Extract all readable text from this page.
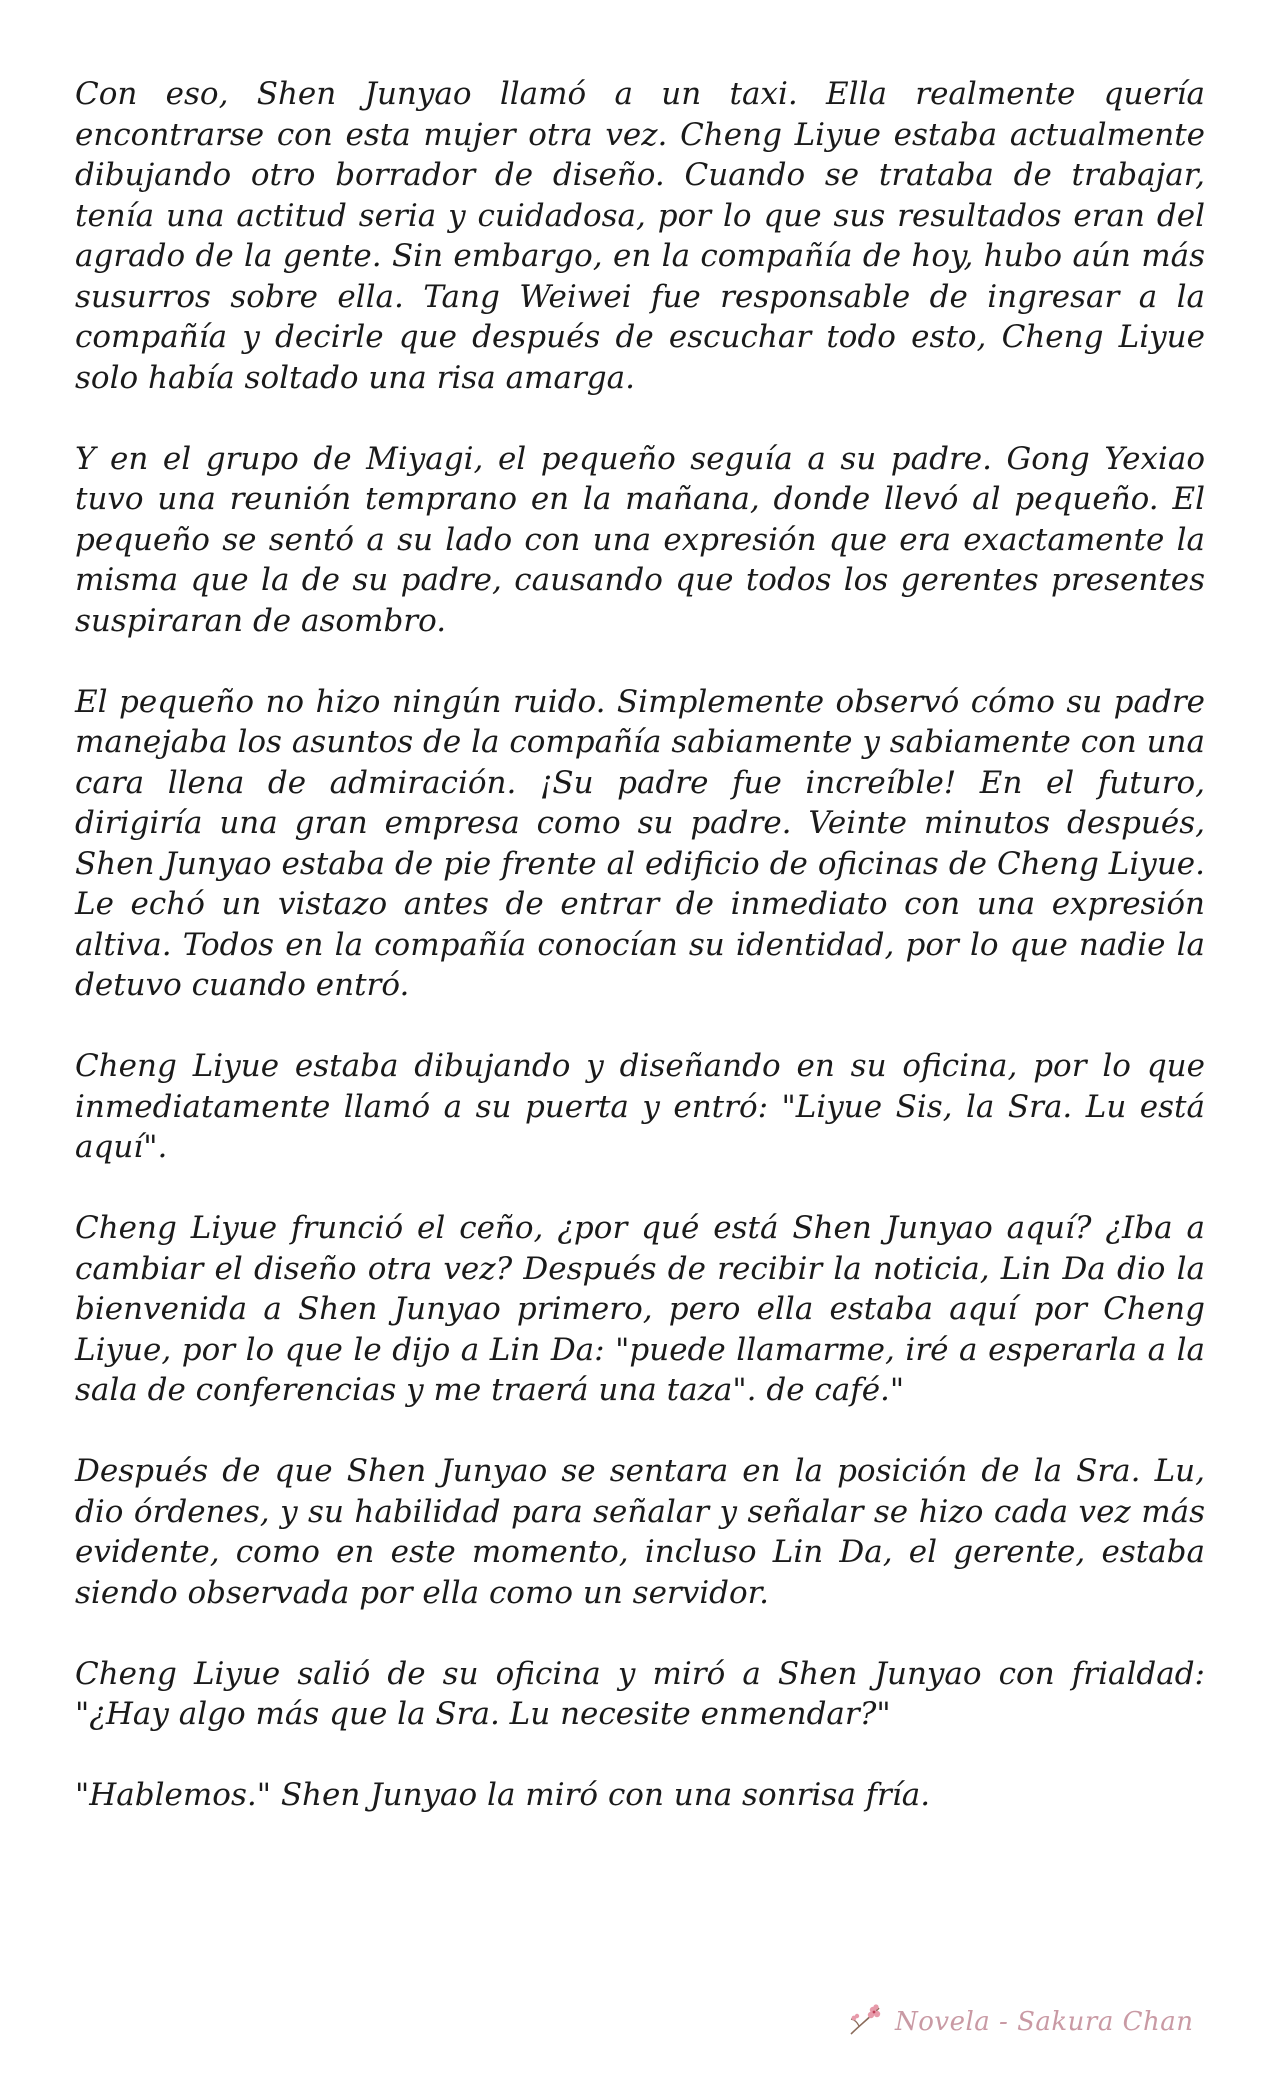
Con eso, Shen Junyao llamó a un taxi. Ella realmente quería encontrarse con esta mujer otra vez. Cheng Liyue estaba actualmente dibujando otro borrador de diseño. Cuando se trataba de trabajar, tenía una actitud seria y cuidadosa, por lo que sus resultados eran del agrado de la gente. Sin embargo, en la compañía de hoy, hubo aún más susurros sobre ella. Tang Weiwei fue responsable de ingresar a la compañía y decirle que después de escuchar todo esto, Cheng Liyue solo había soltado una risa amarga.

Y en el grupo de Miyagi, el pequeño seguía a su padre. Gong Yexiao tuvo una reunión temprano en la mañana, donde llevó al pequeño. El pequeño se sentó a su lado con una expresión que era exactamente la misma que la de su padre, causando que todos los gerentes presentes suspiraran de asombro.

El pequeño no hizo ningún ruido. Simplemente observó cómo su padre manejaba los asuntos de la compañía sabiamente y sabiamente con una cara llena de admiración. ¡Su padre fue increíble! En el futuro, dirigiría una gran empresa como su padre. Veinte minutos después, Shen Junyao estaba de pie frente al edificio de oficinas de Cheng Liyue. Le echó un vistazo antes de entrar de inmediato con una expresión altiva. Todos en la compañía conocían su identidad, por lo que nadie la detuvo cuando entró.

Cheng Liyue estaba dibujando y diseñando en su oficina, por lo que inmediatamente llamó a su puerta y entró: "Liyue Sis, la Sra. Lu está aquí".

Cheng Liyue frunció el ceño, ¿por qué está Shen Junyao aquí? ¿Iba a cambiar el diseño otra vez? Después de recibir la noticia, Lin Da dio la bienvenida a Shen Junyao primero, pero ella estaba aquí por Cheng Liyue, por lo que le dijo a Lin Da: "puede llamarme, iré a esperarla a la sala de conferencias y me traerá una taza". de café."

Después de que Shen Junyao se sentara en la posición de la Sra. Lu, dio órdenes, y su habilidad para señalar y señalar se hizo cada vez más evidente, como en este momento, incluso Lin Da, el gerente, estaba siendo observada por ella como un servidor.

Cheng Liyue salió de su oficina y miró a Shen Junyao con frialdad: "¿Hay algo más que la Sra. Lu necesite enmendar?"

"Hablemos." Shen Junyao la miró con una sonrisa fría.

Novela - Sakura Chan
